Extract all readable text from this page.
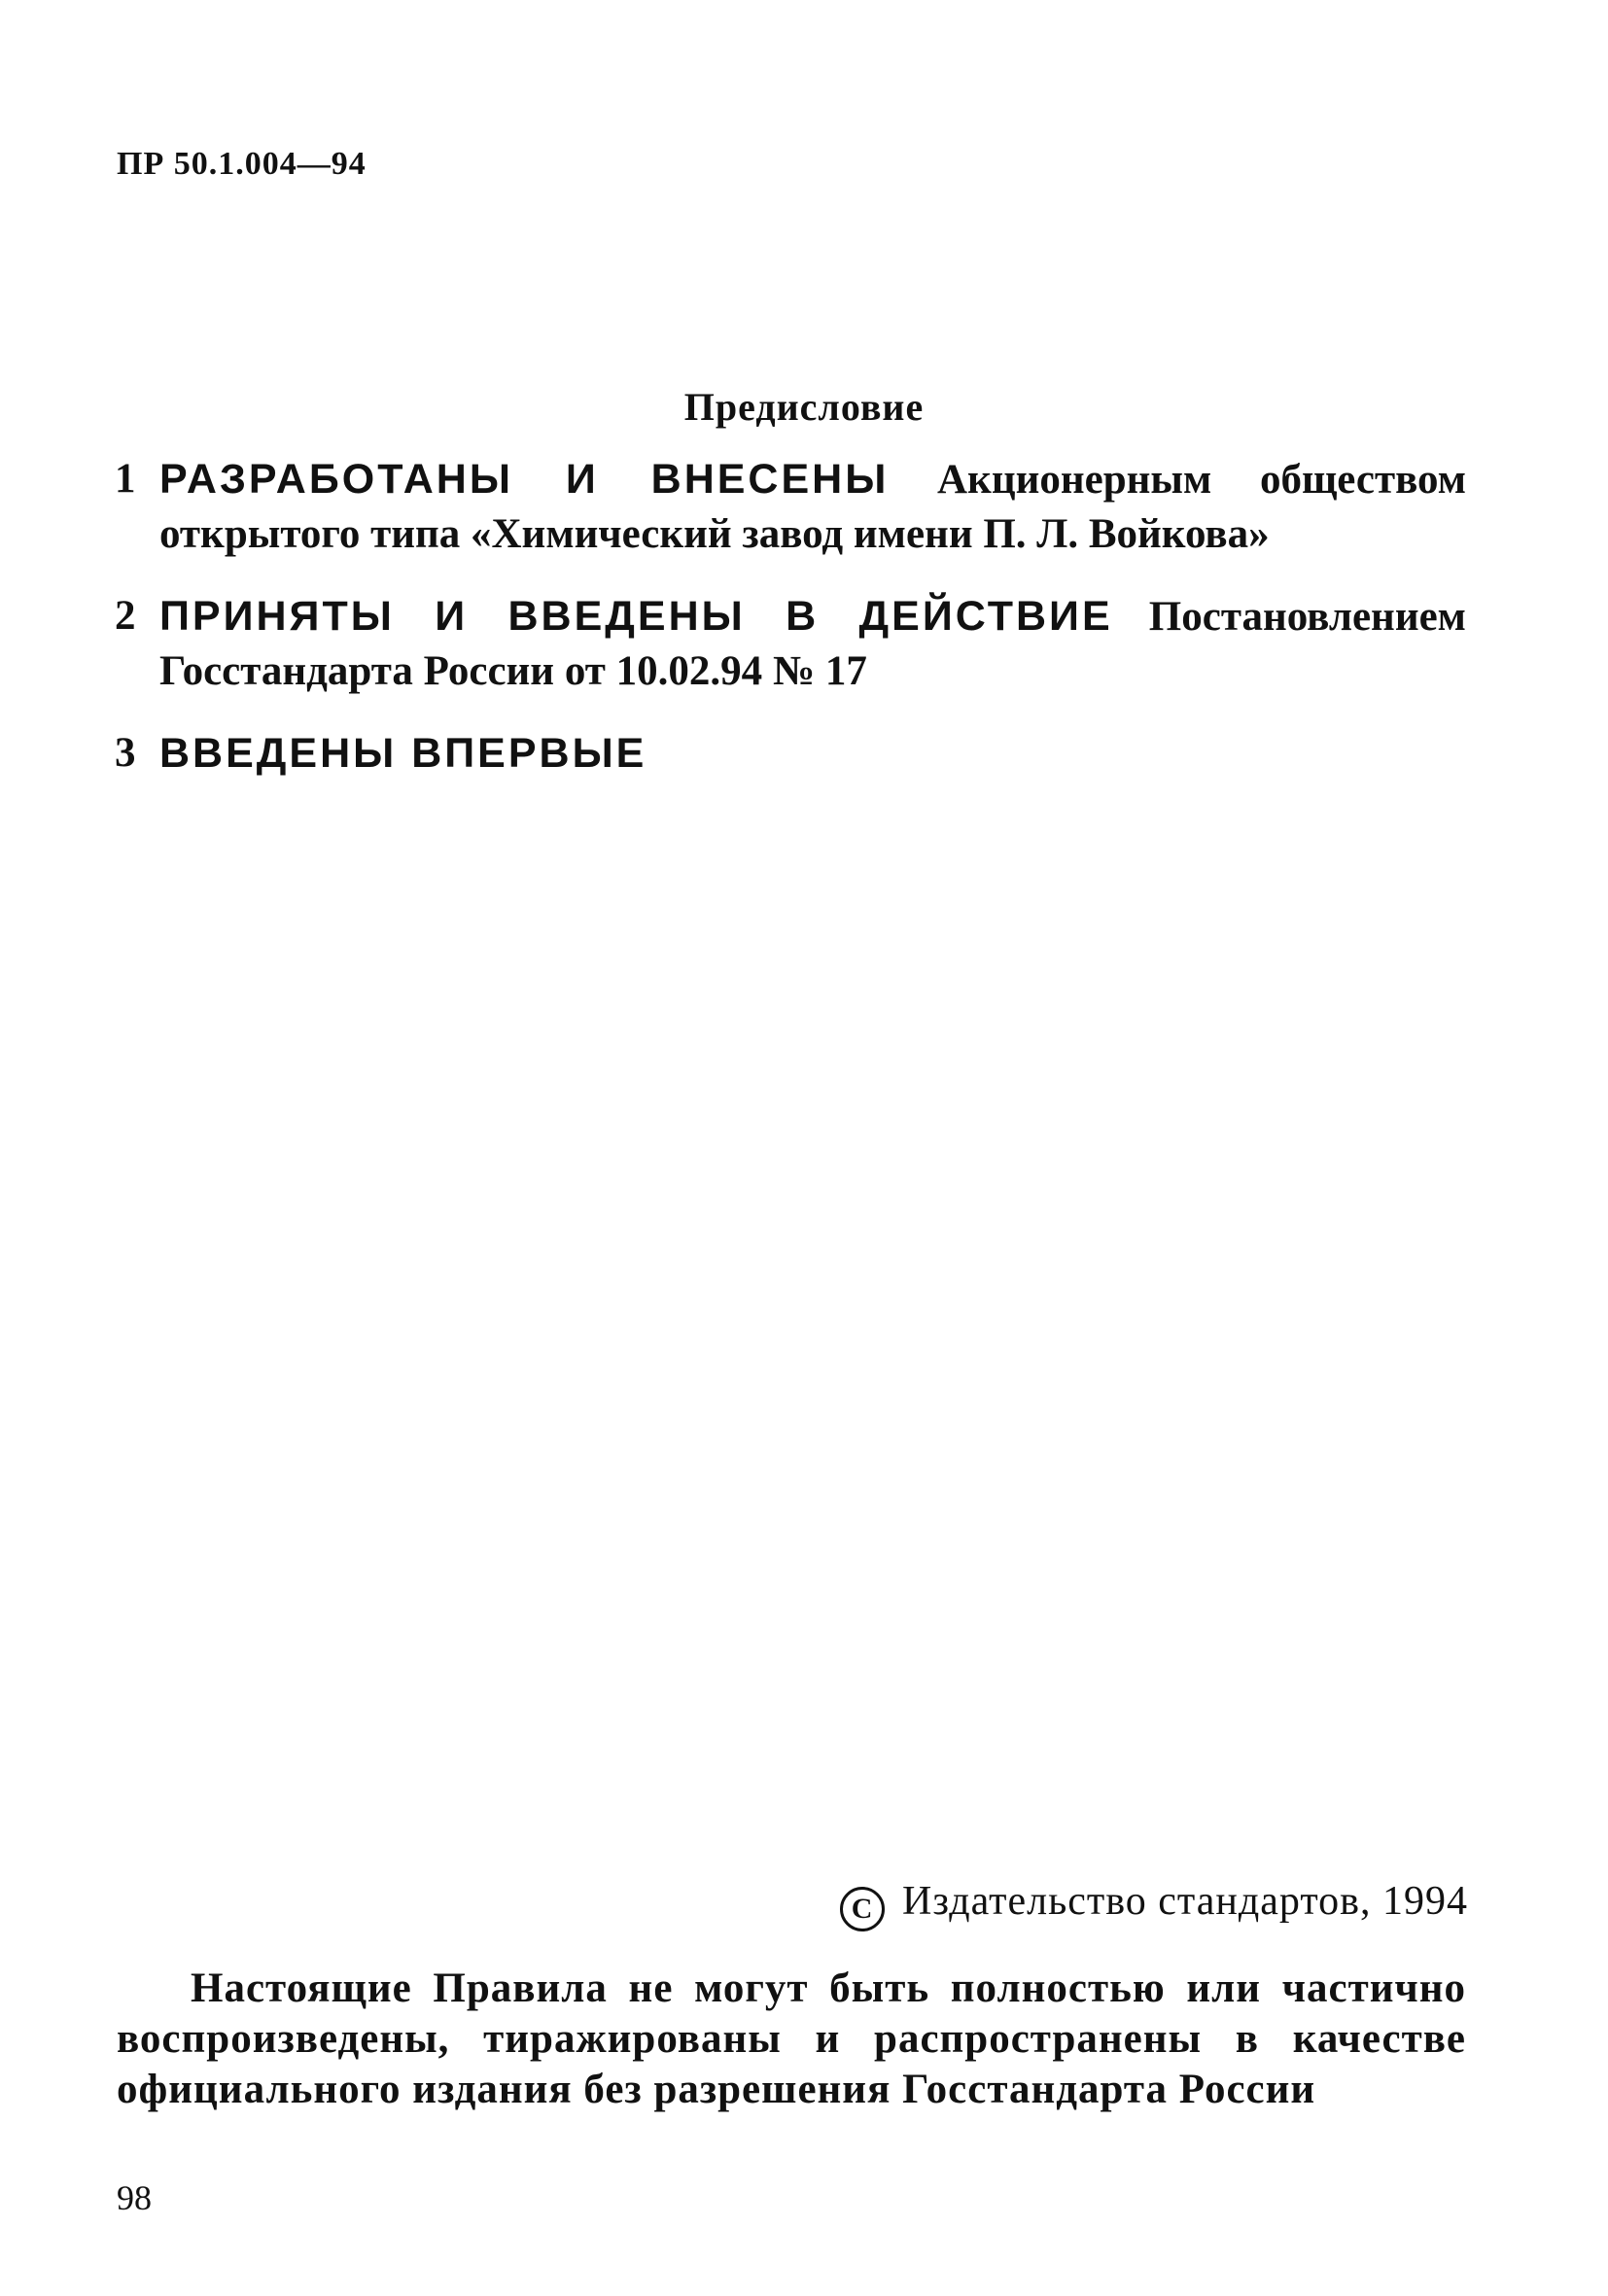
ПР 50.1.004—94
Предисловие
1 РАЗРАБОТАНЫ И ВНЕСЕНЫ Акционерным обществом открытого типа «Химический завод имени П. Л. Войкова»
2 ПРИНЯТЫ И ВВЕДЕНЫ В ДЕЙСТВИЕ Постановлением Госстандарта России от 10.02.94 № 17
3 ВВЕДЕНЫ ВПЕРВЫЕ
C Издательство стандартов, 1994
Настоящие Правила не могут быть полностью или частично воспроизведены, тиражированы и распространены в качестве официального издания без разрешения Госстандарта России
98
